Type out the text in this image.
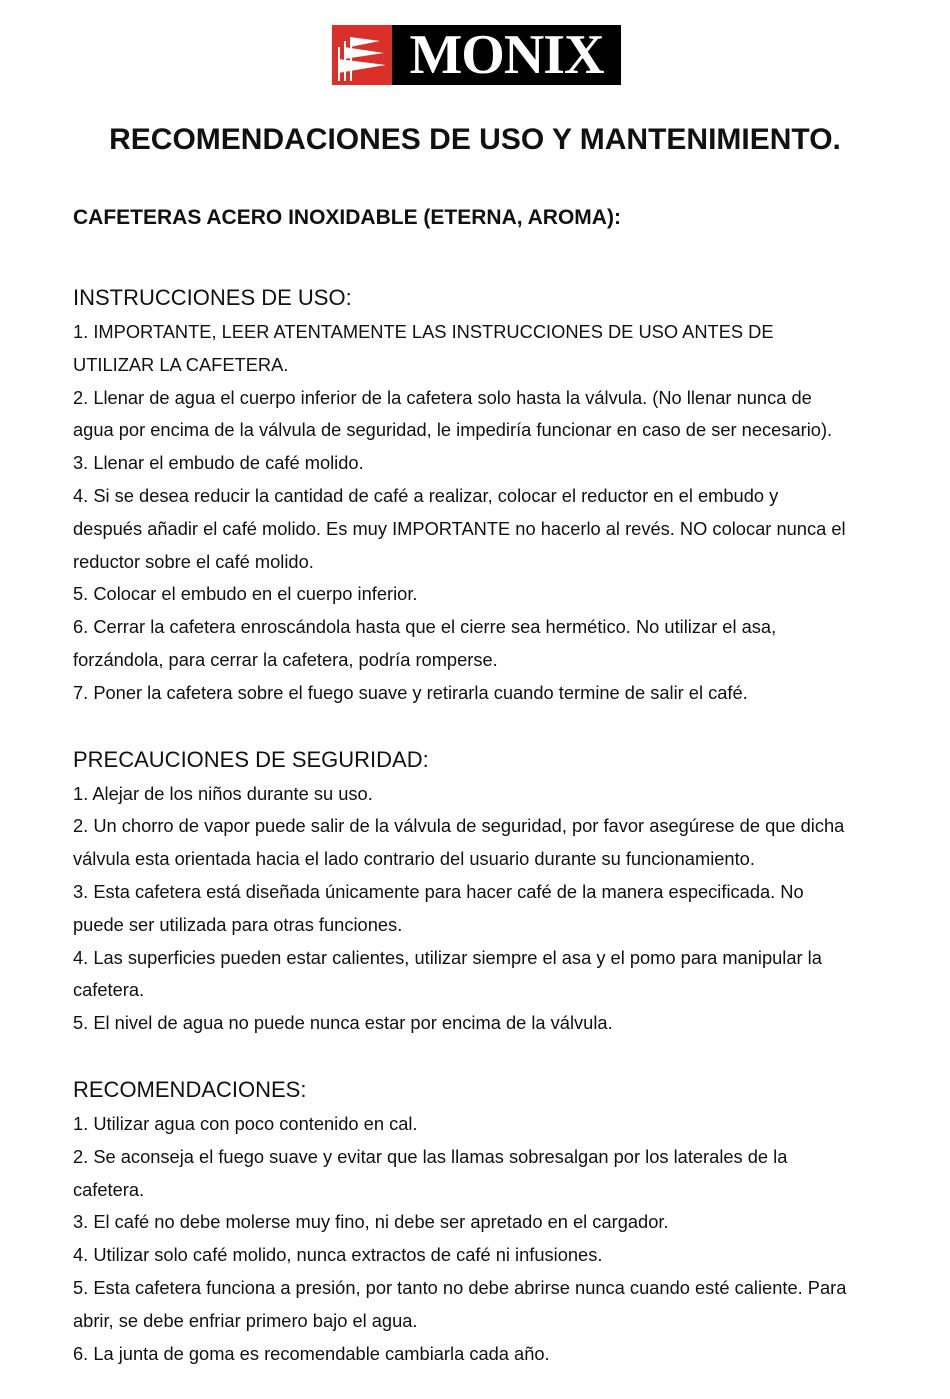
MONIX
RECOMENDACIONES DE USO Y MANTENIMIENTO.
CAFETERAS ACERO INOXIDABLE (ETERNA, AROMA):
INSTRUCCIONES DE USO:
1. IMPORTANTE, LEER ATENTAMENTE LAS INSTRUCCIONES DE USO ANTES DE
UTILIZAR LA CAFETERA.
2. Llenar de agua el cuerpo inferior de la cafetera solo hasta la válvula. (No llenar nunca de
agua por encima de la válvula de seguridad, le impediría funcionar en caso de ser necesario).
3. Llenar el embudo de café molido.
4. Si se desea reducir la cantidad de café a realizar, colocar el reductor en el embudo y
después añadir el café molido. Es muy IMPORTANTE no hacerlo al revés. NO colocar nunca el
reductor sobre el café molido.
5. Colocar el embudo en el cuerpo inferior.
6. Cerrar la cafetera enroscándola hasta que el cierre sea hermético. No utilizar el asa,
forzándola, para cerrar la cafetera, podría romperse.
7. Poner la cafetera sobre el fuego suave y retirarla cuando termine de salir el café.
PRECAUCIONES DE SEGURIDAD:
1. Alejar de los niños durante su uso.
2. Un chorro de vapor puede salir de la válvula de seguridad, por favor asegúrese de que dicha
válvula esta orientada hacia el lado contrario del usuario durante su funcionamiento.
3. Esta cafetera está diseñada únicamente para hacer café de la manera especificada. No
puede ser utilizada para otras funciones.
4. Las superficies pueden estar calientes, utilizar siempre el asa y el pomo para manipular la
cafetera.
5. El nivel de agua no puede nunca estar por encima de la válvula.
RECOMENDACIONES:
1. Utilizar agua con poco contenido en cal.
2. Se aconseja el fuego suave y evitar que las llamas sobresalgan por los laterales de la
cafetera.
3. El café no debe molerse muy fino, ni debe ser apretado en el cargador.
4. Utilizar solo café molido, nunca extractos de café ni infusiones.
5. Esta cafetera funciona a presión, por tanto no debe abrirse nunca cuando esté caliente. Para
abrir, se debe enfriar primero bajo el agua.
6. La junta de goma es recomendable cambiarla cada año.
